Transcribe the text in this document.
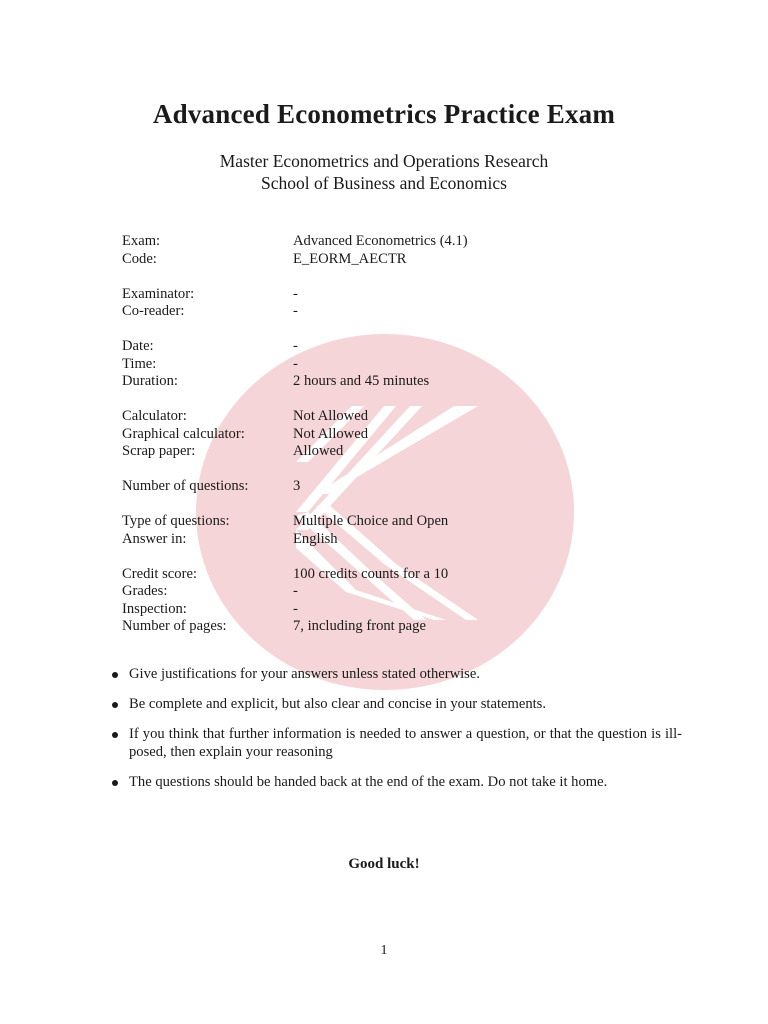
Advanced Econometrics Practice Exam
Master Econometrics and Operations Research
School of Business and Economics
Exam:	Advanced Econometrics (4.1)
Code:	E_EORM_AECTR
Examinator:	-
Co-reader:	-
Date:	-
Time:	-
Duration:	2 hours and 45 minutes
Calculator:	Not Allowed
Graphical calculator:	Not Allowed
Scrap paper:	Allowed
Number of questions:	3
Type of questions:	Multiple Choice and Open
Answer in:	English
Credit score:	100 credits counts for a 10
Grades:	-
Inspection:	-
Number of pages:	7, including front page
Give justifications for your answers unless stated otherwise.
Be complete and explicit, but also clear and concise in your statements.
If you think that further information is needed to answer a question, or that the question is ill-posed, then explain your reasoning
The questions should be handed back at the end of the exam. Do not take it home.
Good luck!
1
